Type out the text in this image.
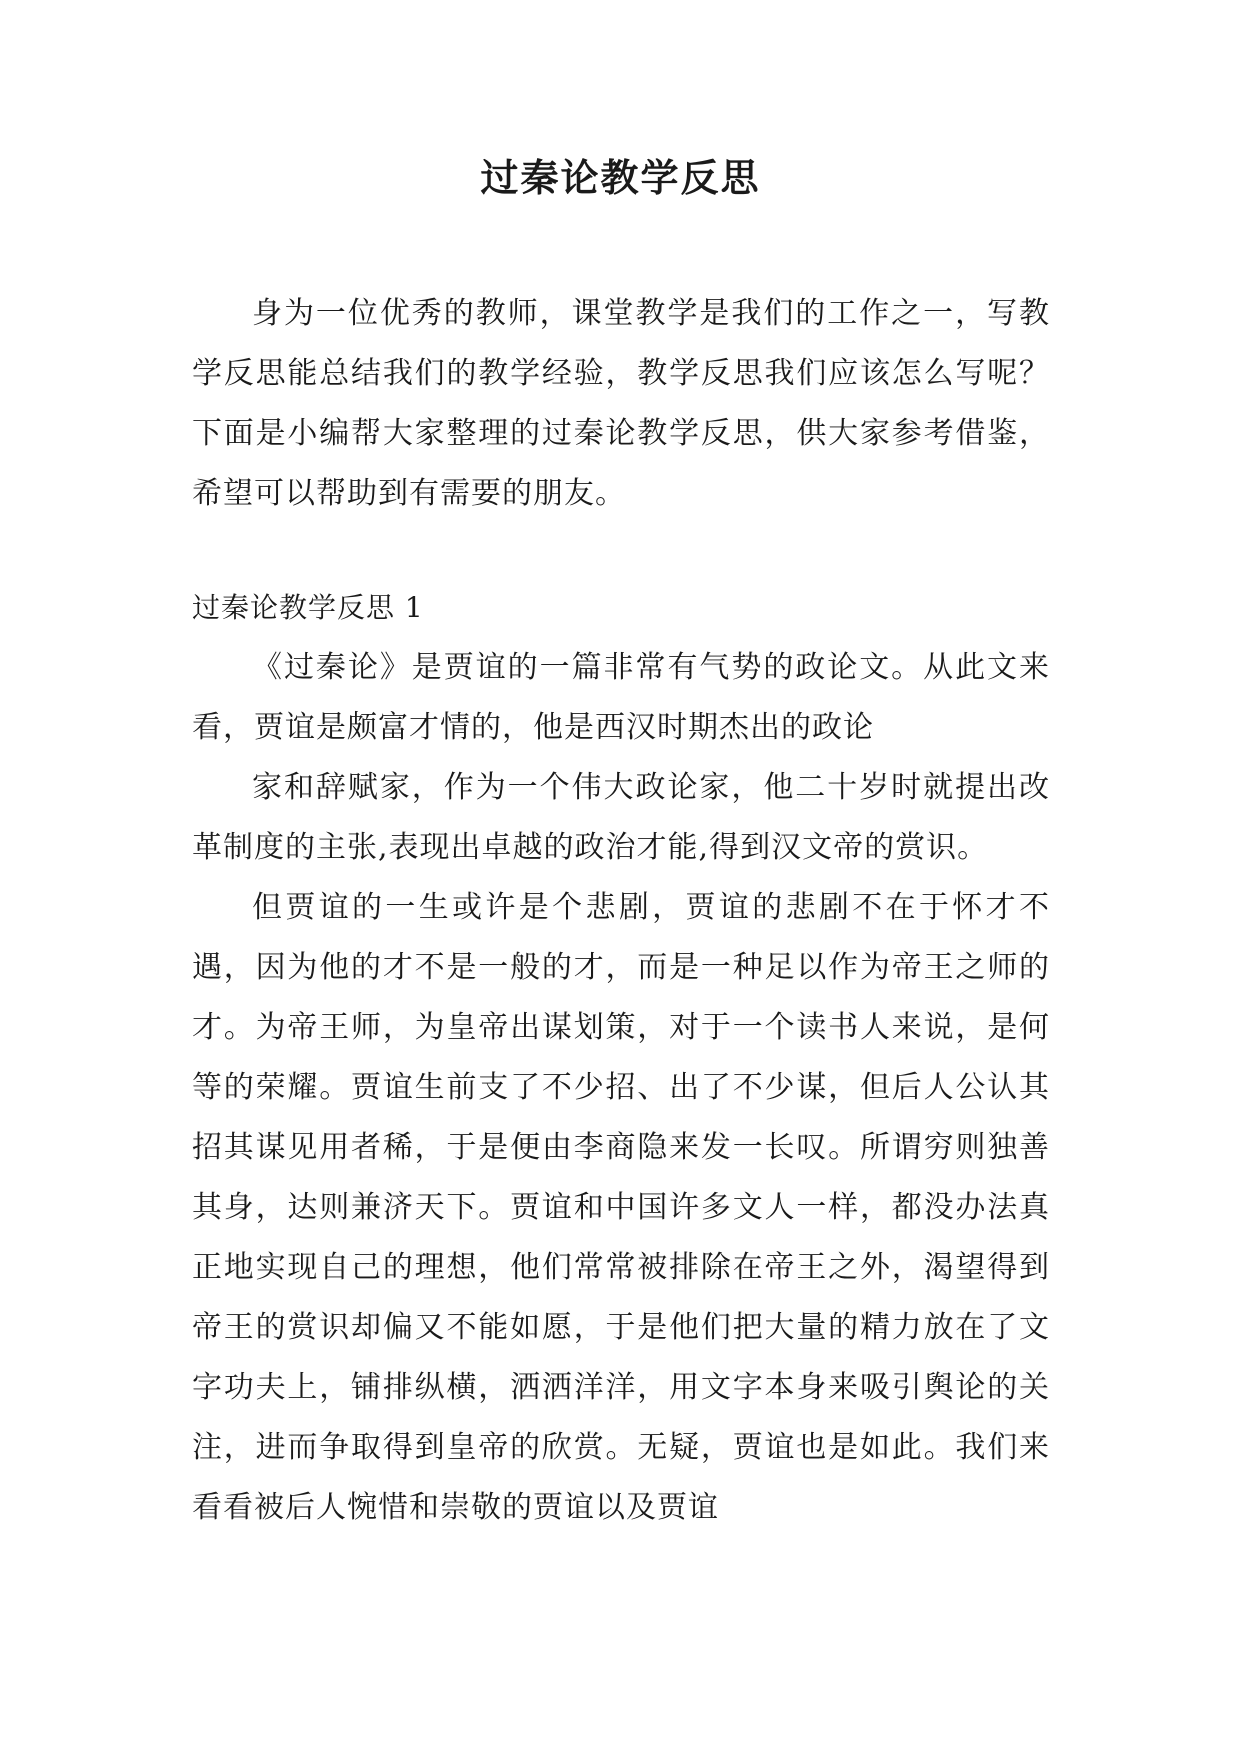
过秦论教学反思

身为一位优秀的教师，课堂教学是我们的工作之一，写教学反思能总结我们的教学经验，教学反思我们应该怎么写呢？下面是小编帮大家整理的过秦论教学反思，供大家参考借鉴，希望可以帮助到有需要的朋友。

过秦论教学反思 1

《过秦论》是贾谊的一篇非常有气势的政论文。从此文来看，贾谊是颇富才情的，他是西汉时期杰出的政论

家和辞赋家，作为一个伟大政论家，他二十岁时就提出改革制度的主张,表现出卓越的政治才能,得到汉文帝的赏识。

但贾谊的一生或许是个悲剧，贾谊的悲剧不在于怀才不遇，因为他的才不是一般的才，而是一种足以作为帝王之师的才。为帝王师，为皇帝出谋划策，对于一个读书人来说，是何等的荣耀。贾谊生前支了不少招、出了不少谋，但后人公认其招其谋见用者稀，于是便由李商隐来发一长叹。所谓穷则独善其身，达则兼济天下。贾谊和中国许多文人一样，都没办法真正地实现自己的理想，他们常常被排除在帝王之外，渴望得到帝王的赏识却偏又不能如愿，于是他们把大量的精力放在了文字功夫上，铺排纵横，洒洒洋洋，用文字本身来吸引舆论的关注，进而争取得到皇帝的欣赏。无疑，贾谊也是如此。我们来看看被后人惋惜和崇敬的贾谊以及贾谊
